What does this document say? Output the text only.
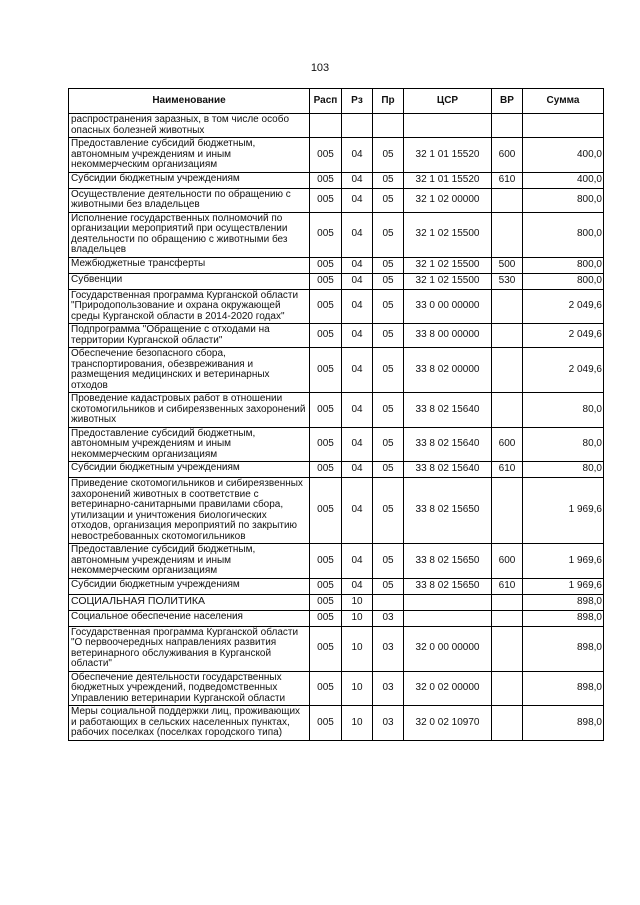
103
Наименование	Расп	Рз	Пр	ЦСР	ВР	Сумма
распространения заразных, в том числе особо опасных болезней животных						
Предоставление субсидий бюджетным, автономным учреждениям и иным некоммерческим организациям	005	04	05	32 1 01 15520	600	400,0
Субсидии бюджетным учреждениям	005	04	05	32 1 01 15520	610	400,0
Осуществление деятельности по обращению с животными без владельцев	005	04	05	32 1 02 00000		800,0
Исполнение государственных полномочий по организации мероприятий при осуществлении деятельности по обращению с животными без владельцев	005	04	05	32 1 02 15500		800,0
Межбюджетные трансферты	005	04	05	32 1 02 15500	500	800,0
Субвенции	005	04	05	32 1 02 15500	530	800,0
Государственная программа Курганской области "Природопользование и охрана окружающей среды Курганской области в 2014-2020 годах"	005	04	05	33 0 00 00000		2 049,6
Подпрограмма "Обращение с отходами на территории Курганской области"	005	04	05	33 8 00 00000		2 049,6
Обеспечение безопасного сбора, транспортирования, обезвреживания и размещения медицинских и ветеринарных отходов	005	04	05	33 8 02 00000		2 049,6
Проведение кадастровых работ в отношении скотомогильников и сибиреязвенных захоронений животных	005	04	05	33 8 02 15640		80,0
Предоставление субсидий бюджетным, автономным учреждениям и иным некоммерческим организациям	005	04	05	33 8 02 15640	600	80,0
Субсидии бюджетным учреждениям	005	04	05	33 8 02 15640	610	80,0
Приведение скотомогильников и сибиреязвенных захоронений животных в соответствие с ветеринарно-санитарными правилами сбора, утилизации и уничтожения биологических отходов, организация мероприятий по закрытию невостребованных скотомогильников	005	04	05	33 8 02 15650		1 969,6
Предоставление субсидий бюджетным, автономным учреждениям и иным некоммерческим организациям	005	04	05	33 8 02 15650	600	1 969,6
Субсидии бюджетным учреждениям	005	04	05	33 8 02 15650	610	1 969,6
СОЦИАЛЬНАЯ ПОЛИТИКА	005	10				898,0
Социальное обеспечение населения	005	10	03			898,0
Государственная программа Курганской области "О первоочередных направлениях развития ветеринарного обслуживания в Курганской области"	005	10	03	32 0 00 00000		898,0
Обеспечение деятельности государственных бюджетных учреждений, подведомственных Управлению ветеринарии Курганской области	005	10	03	32 0 02 00000		898,0
Меры социальной поддержки лиц, проживающих и работающих в сельских населенных пунктах, рабочих поселках (поселках городского типа)	005	10	03	32 0 02 10970		898,0
